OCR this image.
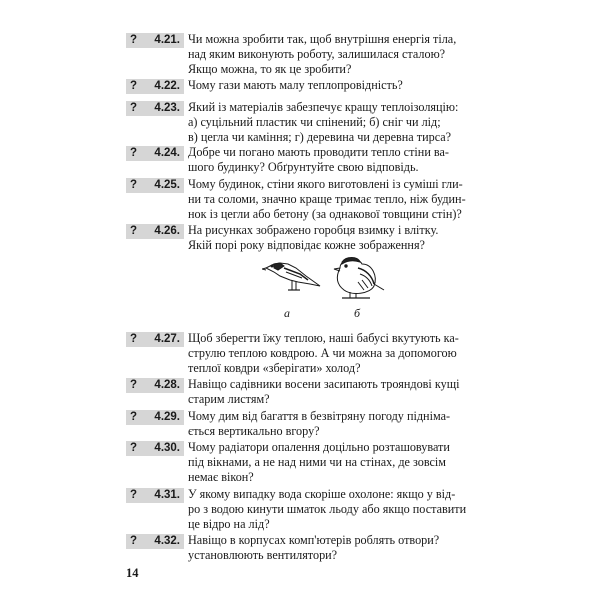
? 4.21. Чи можна зробити так, щоб внутрішня енергія тіла,
над яким виконують роботу, залишилася сталою?
Якщо можна, то як це зробити?
? 4.22. Чому гази мають малу теплопровідність?
? 4.23. Який із матеріалів забезпечує кращу теплоізоляцію:
а) суцільний пластик чи спінений; б) сніг чи лід;
в) цегла чи каміння; г) деревина чи деревна тирса?
? 4.24. Добре чи погано мають проводити тепло стіни ва-
шого будинку? Обґрунтуйте свою відповідь.
? 4.25. Чому будинок, стіни якого виготовлені із суміші гли-
ни та соломи, значно краще тримає тепло, ніж будин-
нок із цегли або бетону (за однакової товщини стін)?
? 4.26. На рисунках зображено горобця взимку і влітку.
Якій порі року відповідає кожне зображення?
а	б
? 4.27. Щоб зберегти їжу теплою, наші бабусі вкутують ка-
струлю теплою ковдрою. А чи можна за допомогою
теплої ковдри «зберігати» холод?
? 4.28. Навіщо садівники восени засипають трояндові кущі
старим листям?
? 4.29. Чому дим від багаття в безвітряну погоду підніма-
ється вертикально вгору?
? 4.30. Чому радіатори опалення доцільно розташовувати
під вікнами, а не над ними чи на стінах, де зовсім
немає вікон?
? 4.31. У якому випадку вода скоріше охолоне: якщо у від-
ро з водою кинути шматок льоду або якщо поставити
це відро на лід?
? 4.32. Навіщо в корпусах комп'ютерів роблять отвори?
установлюють вентилятори?
14
